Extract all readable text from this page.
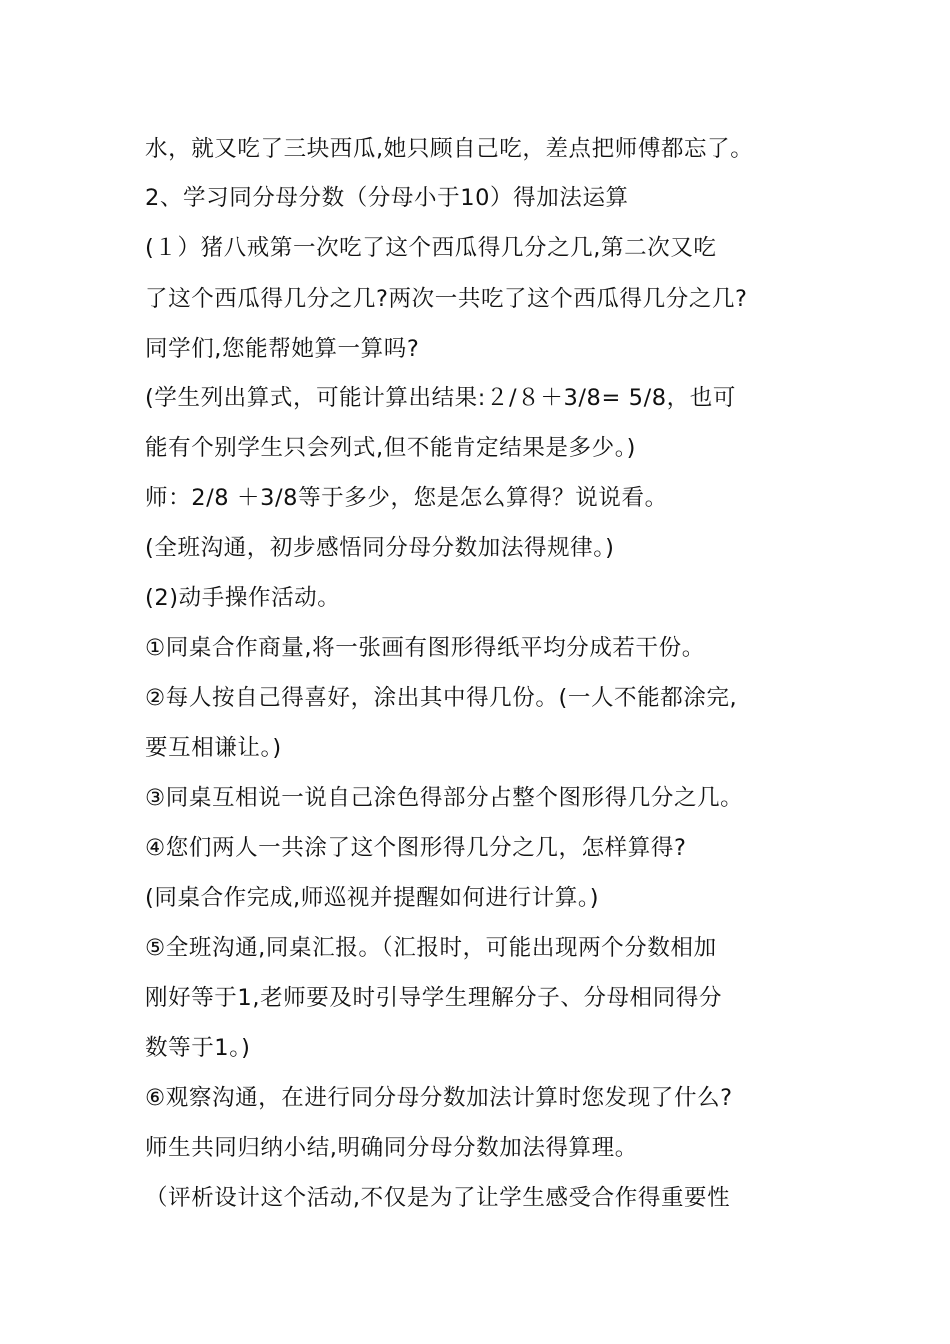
水，就又吃了三块西瓜,她只顾自己吃，差点把师傅都忘了。
2、学习同分母分数（分母小于10）得加法运算
(１）猪八戒第一次吃了这个西瓜得几分之几,第二次又吃
了这个西瓜得几分之几?两次一共吃了这个西瓜得几分之几?
同学们,您能帮她算一算吗?
(学生列出算式，可能计算出结果:２/８＋3/8= 5/8，也可
能有个别学生只会列式,但不能肯定结果是多少。)
师：2/8 ＋3/8等于多少，您是怎么算得？说说看。
(全班沟通，初步感悟同分母分数加法得规律。)
(2)动手操作活动。
①同桌合作商量,将一张画有图形得纸平均分成若干份。
②每人按自己得喜好，涂出其中得几份。(一人不能都涂完,
要互相谦让。)
③同桌互相说一说自己涂色得部分占整个图形得几分之几。
④您们两人一共涂了这个图形得几分之几，怎样算得?
(同桌合作完成,师巡视并提醒如何进行计算。)
⑤全班沟通,同桌汇报。（汇报时，可能出现两个分数相加
刚好等于1,老师要及时引导学生理解分子、分母相同得分
数等于1。)
⑥观察沟通，在进行同分母分数加法计算时您发现了什么?
师生共同归纳小结,明确同分母分数加法得算理。
（评析设计这个活动,不仅是为了让学生感受合作得重要性
